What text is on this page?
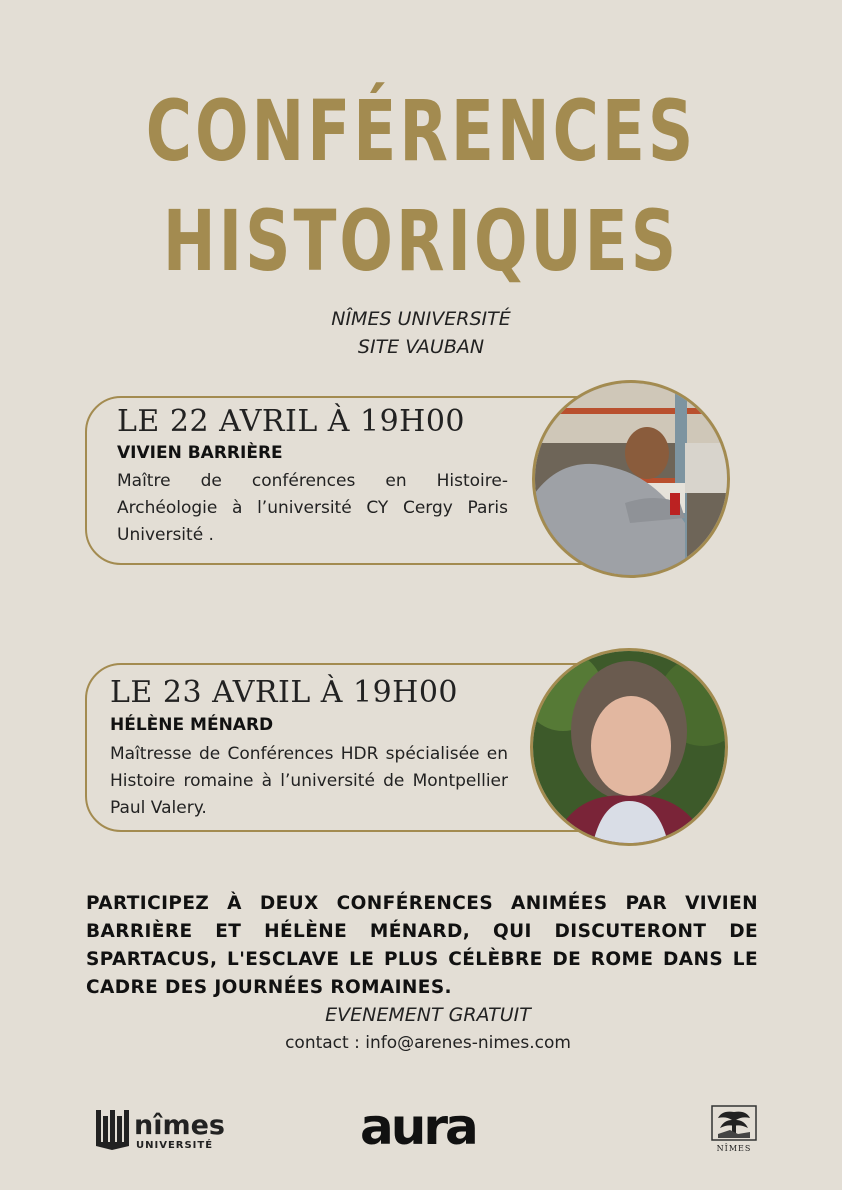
CONFÉRENCES
HISTORIQUES
NÎMES UNIVERSITÉ
SITE VAUBAN
LE 22 AVRIL À 19H00
VIVIEN BARRIÈRE
Maître de conférences en Histoire-Archéologie à l’université CY Cergy Paris Université .
LE 23 AVRIL À 19H00
HÉLÈNE MÉNARD
Maîtresse de Conférences HDR spécialisée en Histoire romaine à l’université de Montpellier Paul Valery.
PARTICIPEZ À DEUX CONFÉRENCES ANIMÉES PAR VIVIEN BARRIÈRE ET HÉLÈNE MÉNARD, QUI DISCUTERONT DE SPARTACUS, L'ESCLAVE LE PLUS CÉLÈBRE DE ROME DANS LE CADRE DES JOURNÉES ROMAINES.
EVENEMENT GRATUIT
contact : info@arenes-nimes.com
nîmes
UNIVERSITÉ	aura	NÎMES
